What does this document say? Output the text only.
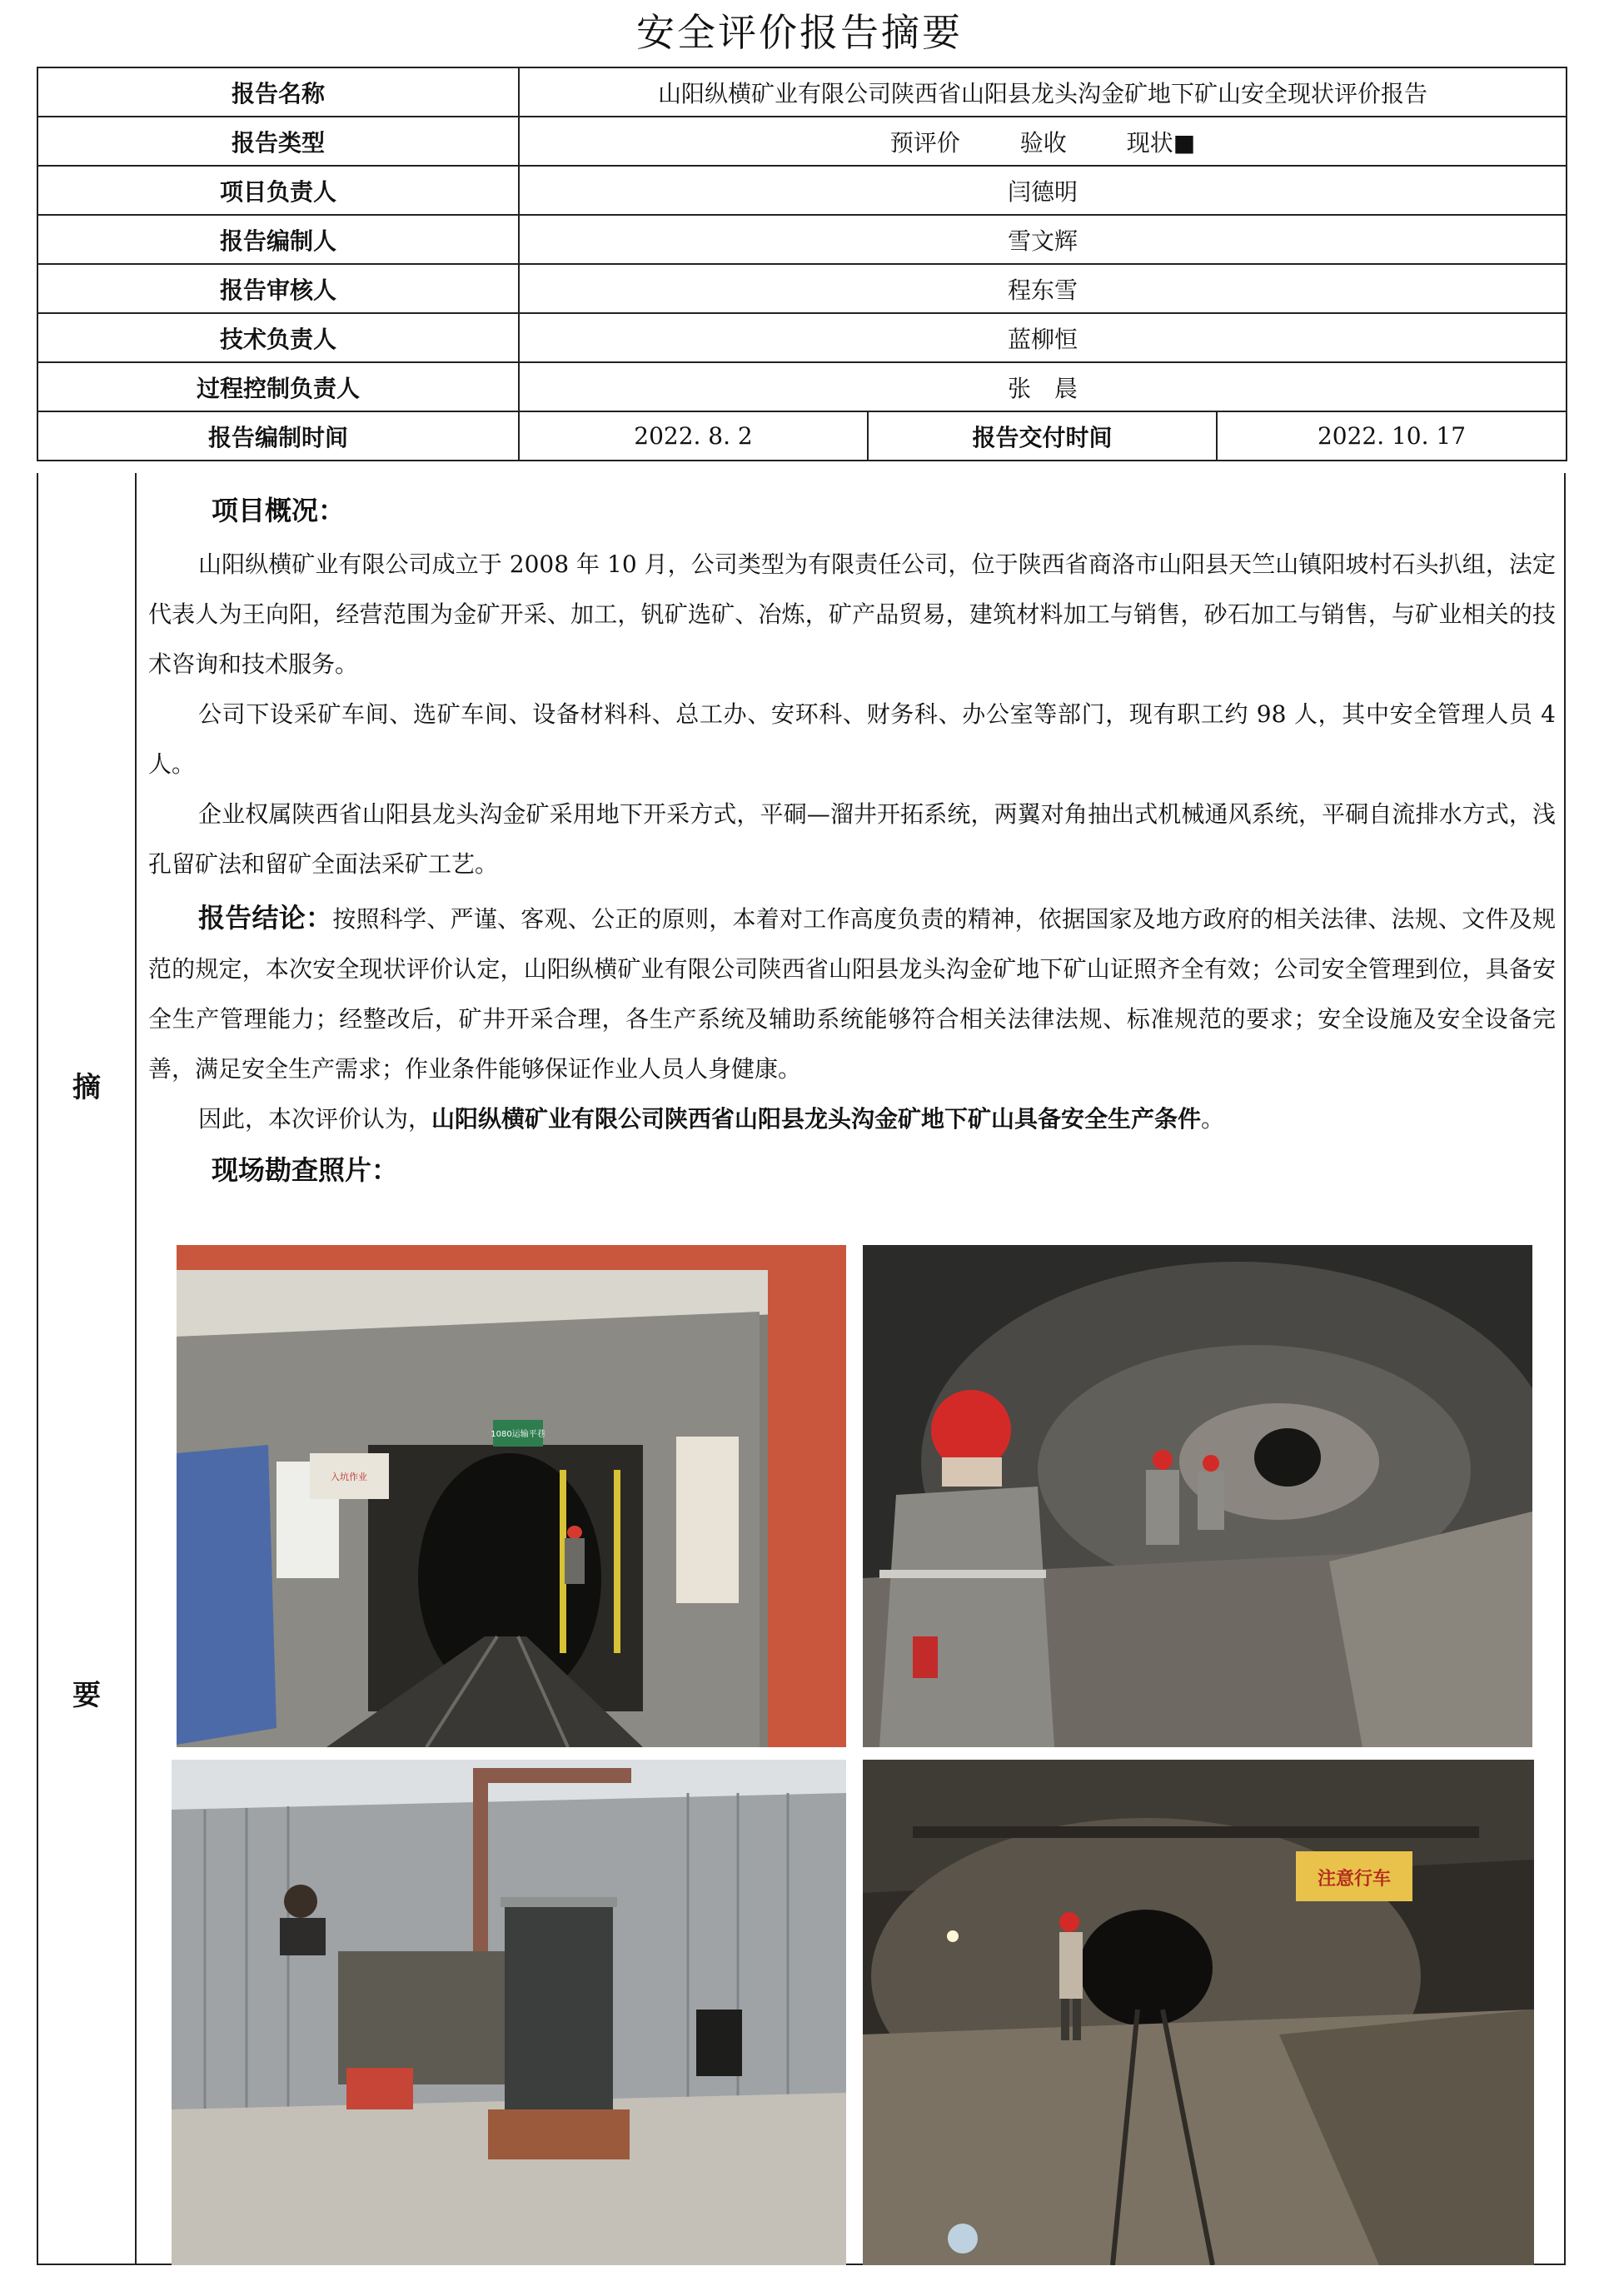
安全评价报告摘要
报告名称	山阳纵横矿业有限公司陕西省山阳县龙头沟金矿地下矿山安全现状评价报告		
报告类型	预评价 验收 现状■		
项目负责人	闫德明		
报告编制人	雪文辉		
报告审核人	程东雪		
技术负责人	蓝柳恒		
过程控制负责人	张　晨		
报告编制时间	2022. 8. 2	报告交付时间	2022. 10. 17
摘
要

项目概况：

山阳纵横矿业有限公司成立于 2008 年 10 月，公司类型为有限责任公司，位于陕西省商洛市山阳县天竺山镇阳坡村石头扒组，法定代表人为王向阳，经营范围为金矿开采、加工，钒矿选矿、冶炼，矿产品贸易，建筑材料加工与销售，砂石加工与销售，与矿业相关的技术咨询和技术服务。

公司下设采矿车间、选矿车间、设备材料科、总工办、安环科、财务科、办公室等部门，现有职工约 98 人，其中安全管理人员 4 人。

企业权属陕西省山阳县龙头沟金矿采用地下开采方式，平硐—溜井开拓系统，两翼对角抽出式机械通风系统，平硐自流排水方式，浅孔留矿法和留矿全面法采矿工艺。

报告结论：按照科学、严谨、客观、公正的原则，本着对工作高度负责的精神，依据国家及地方政府的相关法律、法规、文件及规范的规定，本次安全现状评价认定，山阳纵横矿业有限公司陕西省山阳县龙头沟金矿地下矿山证照齐全有效；公司安全管理到位，具备安全生产管理能力；经整改后，矿井开采合理，各生产系统及辅助系统能够符合相关法律法规、标准规范的要求；安全设施及安全设备完善，满足安全生产需求；作业条件能够保证作业人员人身健康。

因此，本次评价认为，山阳纵横矿业有限公司陕西省山阳县龙头沟金矿地下矿山具备安全生产条件。

现场勘查照片：

1080运输平巷
入坑作业
注意行车
